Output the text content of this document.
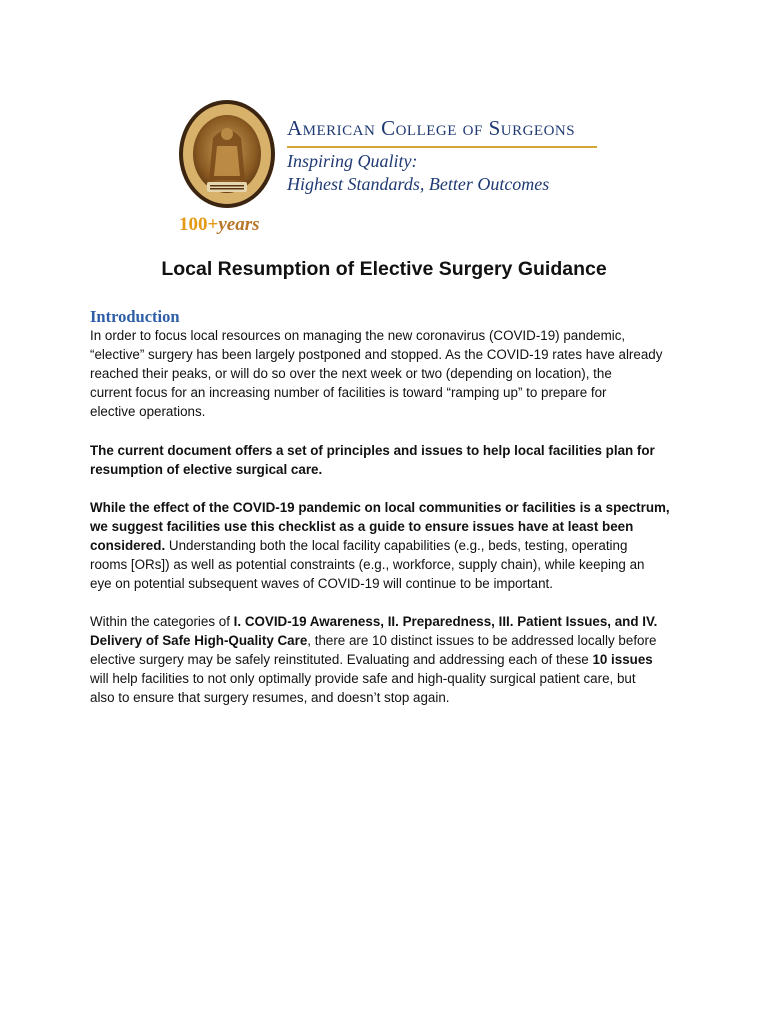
American College of Surgeons
Inspiring Quality:
Highest Standards, Better Outcomes
100+years
Local Resumption of Elective Surgery Guidance
Introduction
In order to focus local resources on managing the new coronavirus (COVID-19) pandemic,
“elective” surgery has been largely postponed and stopped. As the COVID-19 rates have already
reached their peaks, or will do so over the next week or two (depending on location), the
current focus for an increasing number of facilities is toward “ramping up” to prepare for
elective operations.
The current document offers a set of principles and issues to help local facilities plan for
resumption of elective surgical care.
While the effect of the COVID-19 pandemic on local communities or facilities is a spectrum,
we suggest facilities use this checklist as a guide to ensure issues have at least been
considered. Understanding both the local facility capabilities (e.g., beds, testing, operating
rooms [ORs]) as well as potential constraints (e.g., workforce, supply chain), while keeping an
eye on potential subsequent waves of COVID-19 will continue to be important.
Within the categories of I. COVID-19 Awareness, II. Preparedness, III. Patient Issues, and IV.
Delivery of Safe High-Quality Care, there are 10 distinct issues to be addressed locally before
elective surgery may be safely reinstituted. Evaluating and addressing each of these 10 issues
will help facilities to not only optimally provide safe and high-quality surgical patient care, but
also to ensure that surgery resumes, and doesn’t stop again.
